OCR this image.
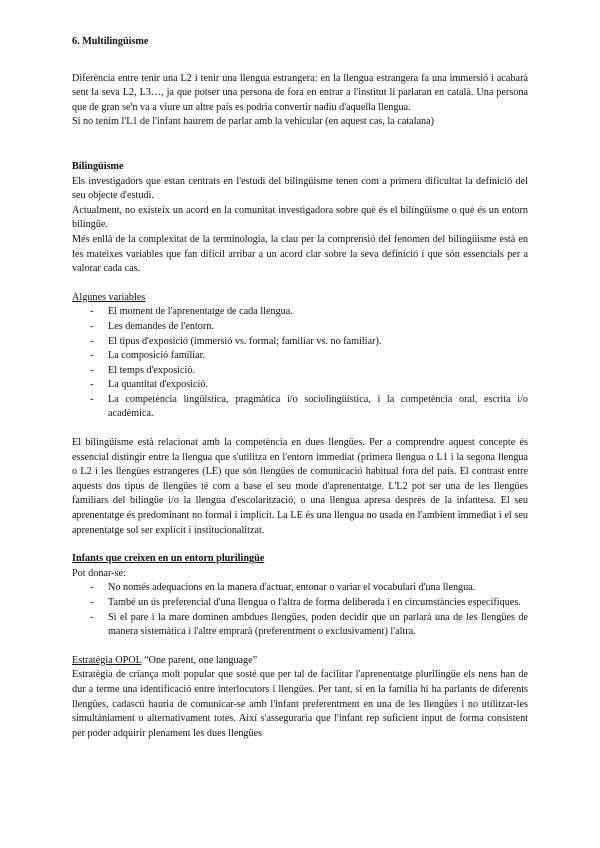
6. Multilingüisme

Diferència entre tenir una L2 i tenir una llengua estrangera: en la llengua estrangera fa una immersió i acabarà sent la seva L2, L3…, ja que potser una persona de fora en entrar a l'institut li parlaran en català. Una persona que de gran se'n va a viure un altre país es podria convertir nadiu d'aquella llengua.

Si no tenim l'L1 de l'infant haurem de parlar amb la vehicular (en aquest cas, la catalana)

Bilingüisme

Els investigadors que estan centrats en l'estudi del bilingüisme tenen com a primera dificultat la definició del seu objecte d'estudi.

Actualment, no existeix un acord en la comunitat investigadora sobre què és el bilingüisme o què és un entorn bilingüe.

Més enllà de la complexitat de la terminologia, la clau per la comprensió del fenomen del bilingüisme està en les mateixes variables que fan difícil arribar a un acord clar sobre la seva definició i que són essencials per a valorar cada cas.

Algunes variables

- El moment de l'aprenentatge de cada llengua.
- Les demandes de l'entorn.
- El tipus d'exposició (immersió vs. formal; familiar vs. no familiar).
- La composició familiar.
- El temps d'exposició.
- La quantitat d'exposició.
- La competència lingüística, pragmàtica i/o sociolingüística, i la competència oral, escrita i/o acadèmica.

El bilingüisme està relacionat amb la competència en dues llengües. Per a comprendre aquest concepte és essencial distingir entre la llengua que s'utilitza en l'entorn immediat (primera llengua o L1 i la segona llengua o L2 i les llengües estrangeres (LE) que són llengües de comunicació habitual fora del país. El contrast entre aquests dos tipus de llengües té com a base el seu mode d'aprenentatge. L'L2 pot ser una de les llengües familiars del bilingüe i/o la llengua d'escolarització, o una llengua apresa després de la infantesa. El seu aprenentatge és predominant no formal i implícit. La LE és una llengua no usada en l'ambient immediat i el seu aprenentatge sol ser explícit i institucionalitzat.

Infants que creixen en un entorn plurilingüe

Pot donar-se:

- No només adequacions en la manera d'actuar, entonar o variar el vocabulari d'una llengua.
- També un ús preferencial d'una llengua o l'altra de forma deliberada i en circumstàncies específiques.
- Si el pare i la mare dominen ambdues llengües, poden decidir que un parlarà una de les llengües de manera sistemàtica i l'altre emprarà (preferentment o exclusivament) l'altra.

Estratègia OPOL “One parent, one language”

Estratègia de criança molt popular que sosté que per tal de facilitar l'aprenentatge plurilingüe els nens han de dur a terme una identificació entre interlocutors i llengües. Per tant, si en la família hi ha parlants de diferents llengües, cadascú hauria de comunicar-se amb l'infant preferentment en una de les llengües i no utilitzar-les simultàniament o alternativament totes. Així s'asseguraria que l'infant rep suficient input de forma consistent per poder adquirir plenament les dues llengües
